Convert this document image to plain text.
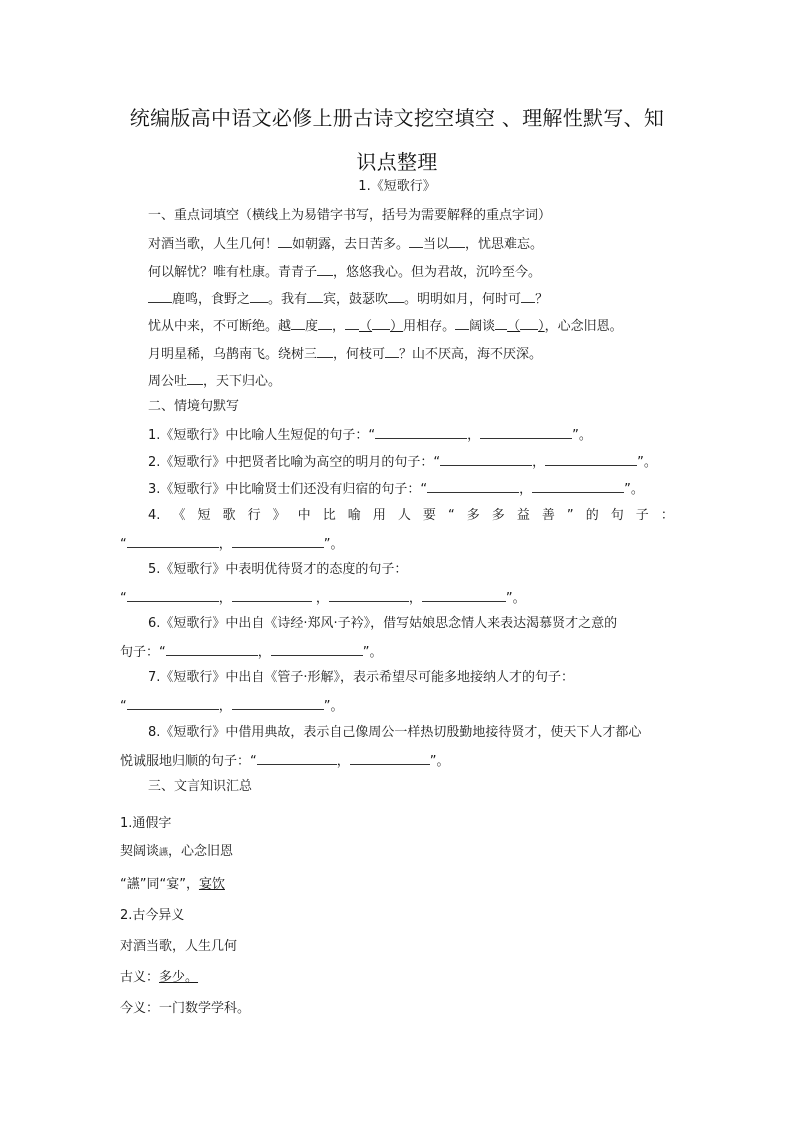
统编版高中语文必修上册古诗文挖空填空 、理解性默写、知
识点整理
1.《短歌行》
一、重点词填空（横线上为易错字书写，括号为需要解释的重点字词）
对酒当歌，人生几何！ 如朝露，去日苦多。 当以 ，忧思难忘。
何以解忧？唯有杜康。青青子 ，悠悠我心。但为君故，沉吟至今。
鹿鸣，食野之 。我有 宾，鼓瑟吹 。明明如月，何时可 ？
忧从中来，不可断绝。越 度 ， （ ）用相存。 阔谈 （ ），心念旧恩。
月明星稀，乌鹊南飞。绕树三 ，何枝可 ？山不厌高，海不厌深。
周公吐 ，天下归心。
二、情境句默写
1.《短歌行》中比喻人生短促的句子：“	，	”。
2.《短歌行》中把贤者比喻为高空的明月的句子：“	，	”。
3.《短歌行》中比喻贤士们还没有归宿的句子：“	，	”。
4. 《 短 歌 行 》 中 比 喻 用 人 要 “ 多 多 益 善 ” 的 句 子 ：
“	，	”。
5.《短歌行》中表明优待贤才的态度的句子：
“	，	，	，	”。
6.《短歌行》中出自《诗经·郑风·子衿》，借写姑娘思念情人来表达渴慕贤才之意的
句子：“	，	”。
7.《短歌行》中出自《管子·形解》，表示希望尽可能多地接纳人才的句子：
“	，	”。
8.《短歌行》中借用典故，表示自己像周公一样热切殷勤地接待贤才，使天下人才都心
悦诚服地归顺的句子：“	，	”。
三、文言知识汇总
1.通假字
契阔谈讌，心念旧恩
“讌”同“宴”，宴饮
2.古今异义
对酒当歌，人生几何
古义：多少。
今义：一门数学学科。
